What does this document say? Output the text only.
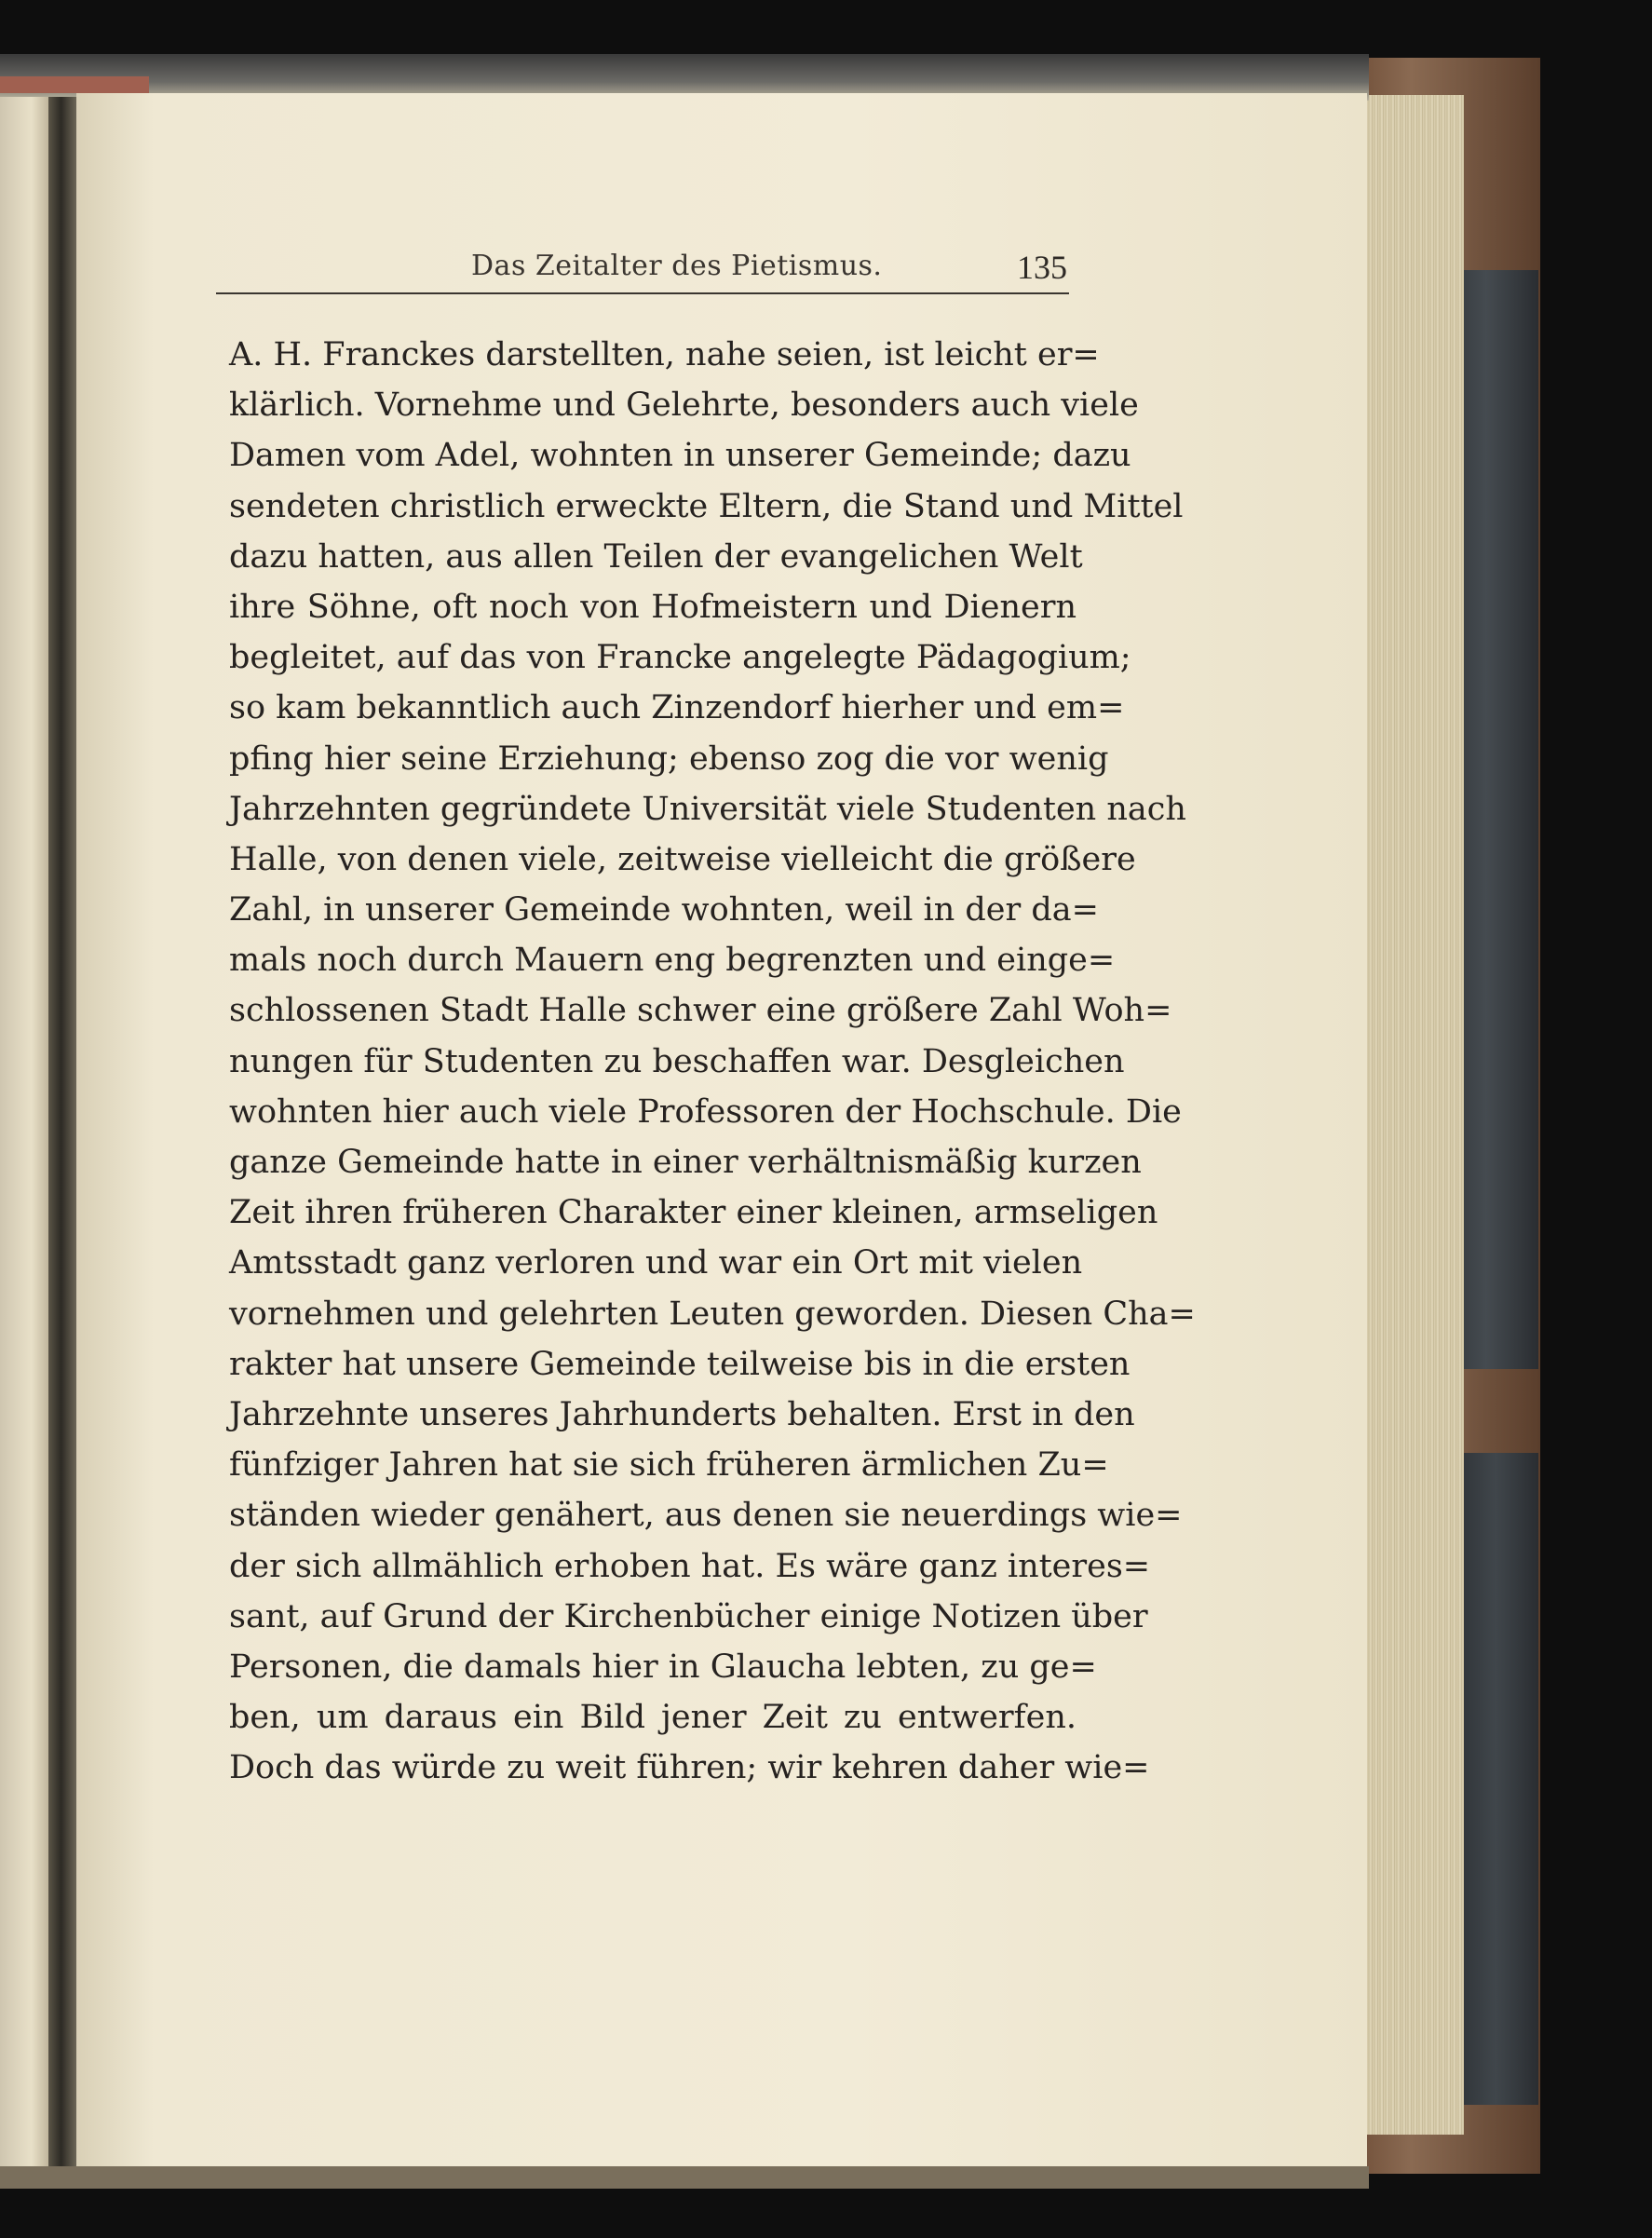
Das Zeitalter des Pietismus.	135
A. H. Franckes darstellten, nahe seien, ist leicht er=
klärlich. Vornehme und Gelehrte, besonders auch viele
Damen vom Adel, wohnten in unserer Gemeinde; dazu
sendeten christlich erweckte Eltern, die Stand und Mittel
dazu hatten, aus allen Teilen der evangelichen Welt
ihre Söhne, oft noch von Hofmeistern und Dienern
begleitet, auf das von Francke angelegte Pädagogium;
so kam bekanntlich auch Zinzendorf hierher und em=
pfing hier seine Erziehung; ebenso zog die vor wenig
Jahrzehnten gegründete Universität viele Studenten nach
Halle, von denen viele, zeitweise vielleicht die größere
Zahl, in unserer Gemeinde wohnten, weil in der da=
mals noch durch Mauern eng begrenzten und einge=
schlossenen Stadt Halle schwer eine größere Zahl Woh=
nungen für Studenten zu beschaffen war. Desgleichen
wohnten hier auch viele Professoren der Hochschule. Die
ganze Gemeinde hatte in einer verhältnismäßig kurzen
Zeit ihren früheren Charakter einer kleinen, armseligen
Amtsstadt ganz verloren und war ein Ort mit vielen
vornehmen und gelehrten Leuten geworden. Diesen Cha=
rakter hat unsere Gemeinde teilweise bis in die ersten
Jahrzehnte unseres Jahrhunderts behalten. Erst in den
fünfziger Jahren hat sie sich früheren ärmlichen Zu=
ständen wieder genähert, aus denen sie neuerdings wie=
der sich allmählich erhoben hat. Es wäre ganz interes=
sant, auf Grund der Kirchenbücher einige Notizen über
Personen, die damals hier in Glaucha lebten, zu ge=
ben, um daraus ein Bild jener Zeit zu entwerfen.
Doch das würde zu weit führen; wir kehren daher wie=
